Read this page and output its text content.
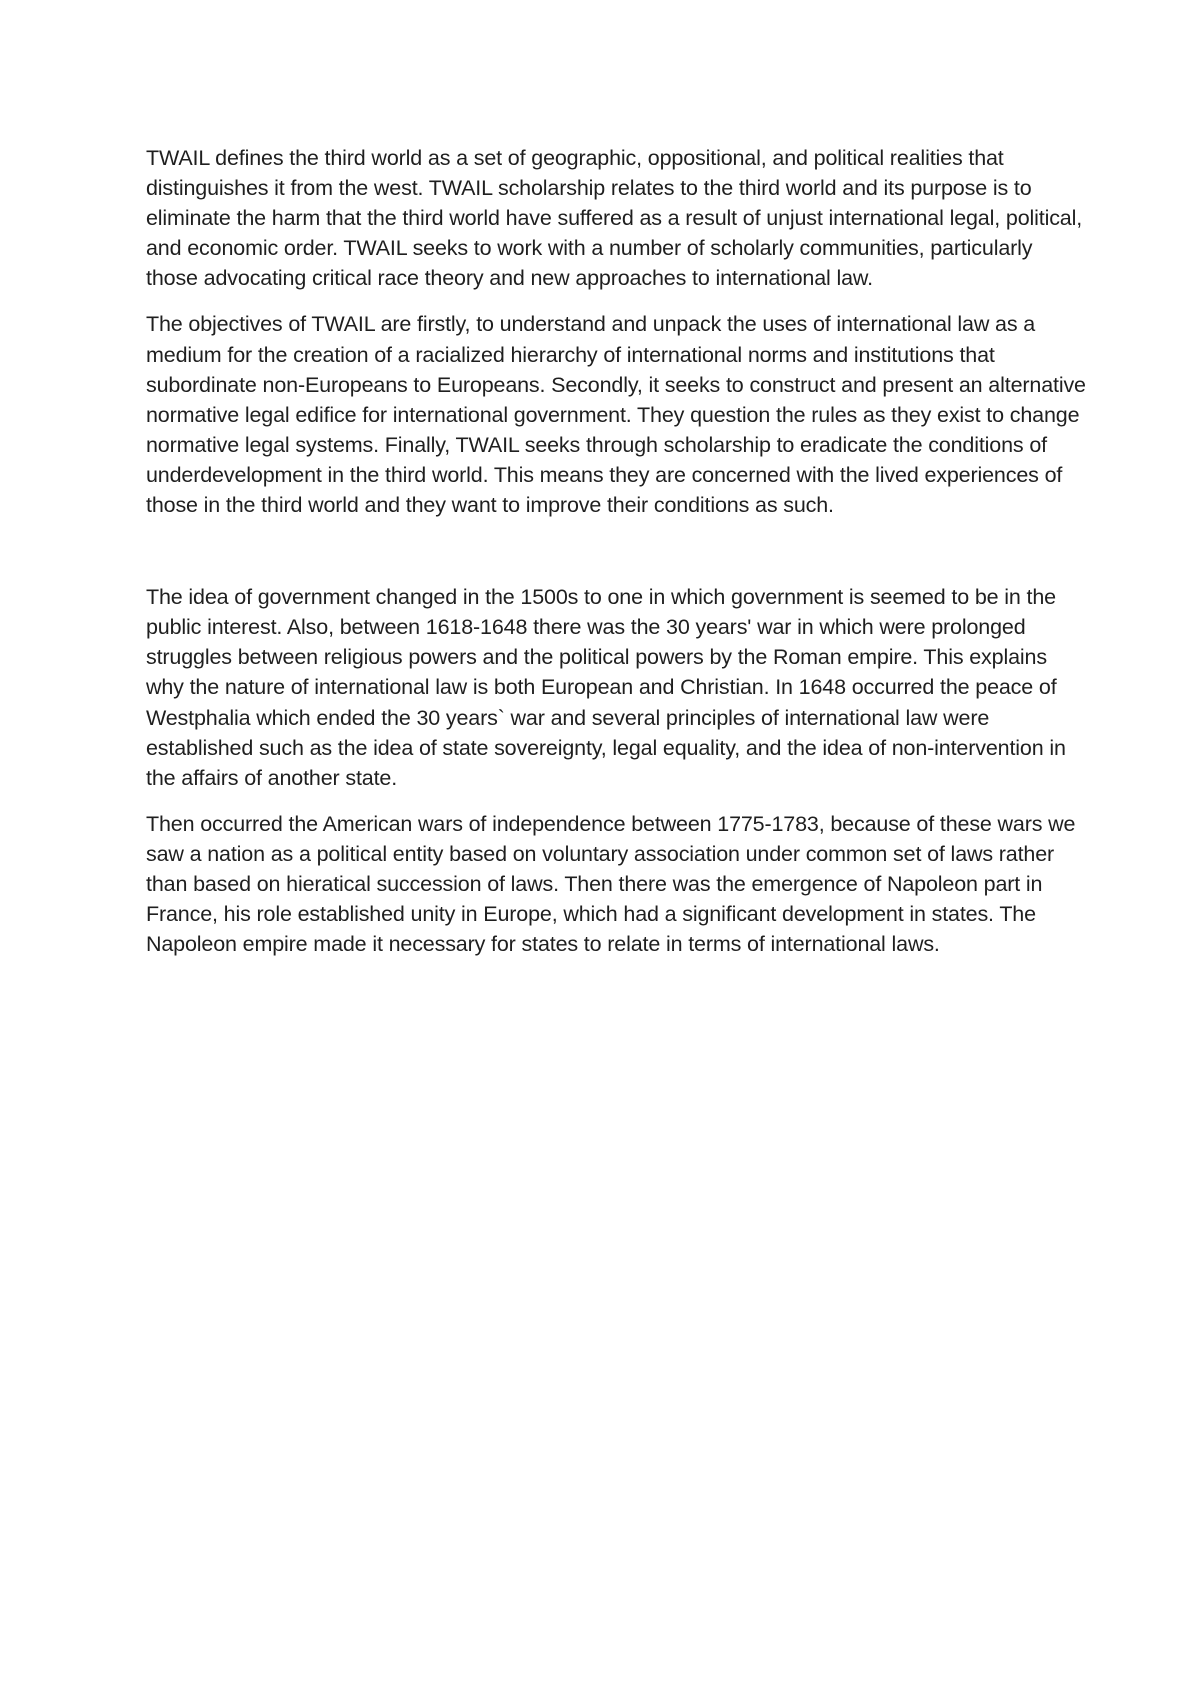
TWAIL defines the third world as a set of geographic, oppositional, and political realities that distinguishes it from the west. TWAIL scholarship relates to the third world and its purpose is to eliminate the harm that the third world have suffered as a result of unjust international legal, political, and economic order. TWAIL seeks to work with a number of scholarly communities, particularly those advocating critical race theory and new approaches to international law.

The objectives of TWAIL are firstly, to understand and unpack the uses of international law as a medium for the creation of a racialized hierarchy of international norms and institutions that subordinate non-Europeans to Europeans. Secondly, it seeks to construct and present an alternative normative legal edifice for international government. They question the rules as they exist to change normative legal systems. Finally, TWAIL seeks through scholarship to eradicate the conditions of underdevelopment in the third world. This means they are concerned with the lived experiences of those in the third world and they want to improve their conditions as such.

The idea of government changed in the 1500s to one in which government is seemed to be in the public interest. Also, between 1618-1648 there was the 30 years' war in which were prolonged struggles between religious powers and the political powers by the Roman empire. This explains why the nature of international law is both European and Christian. In 1648 occurred the peace of Westphalia which ended the 30 years` war and several principles of international law were established such as the idea of state sovereignty, legal equality, and the idea of non-intervention in the affairs of another state.

Then occurred the American wars of independence between 1775-1783, because of these wars we saw a nation as a political entity based on voluntary association under common set of laws rather than based on hieratical succession of laws. Then there was the emergence of Napoleon part in France, his role established unity in Europe, which had a significant development in states. The Napoleon empire made it necessary for states to relate in terms of international laws.
